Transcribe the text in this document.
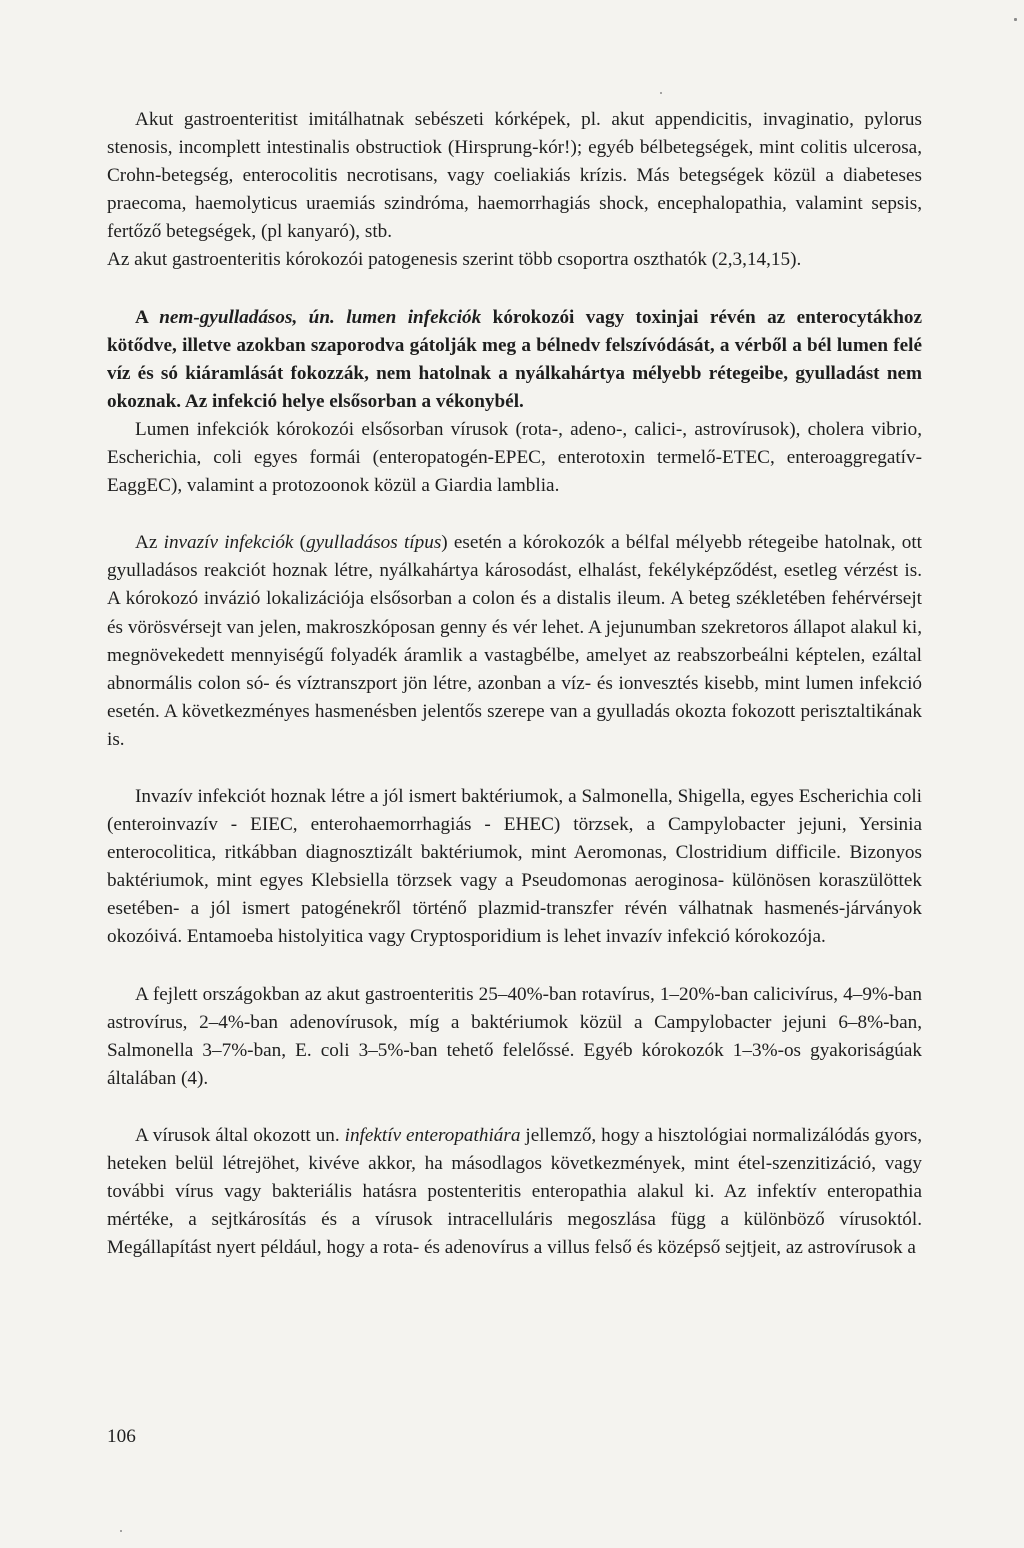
Akut gastroenteritist imitálhatnak sebészeti kórképek, pl. akut appendicitis, invaginatio, pylorus stenosis, incomplett intestinalis obstructiok (Hirsprung-kór!); egyéb bélbetegségek, mint colitis ulcerosa, Crohn-betegség, enterocolitis necrotisans, vagy coeliakiás krízis. Más betegségek közül a diabeteses praecoma, haemolyticus uraemiás szindróma, haemorrhagiás shock, encephalopathia, valamint sepsis, fertőző betegségek, (pl kanyaró), stb.

Az akut gastroenteritis kórokozói patogenesis szerint több csoportra oszthatók (2,3,14,15).

A nem-gyulladásos, ún. lumen infekciók kórokozói vagy toxinjai révén az enterocytákhoz kötődve, illetve azokban szaporodva gátolják meg a bélnedv felszívódását, a vérből a bél lumen felé víz és só kiáramlását fokozzák, nem hatolnak a nyálkahártya mélyebb rétegeibe, gyulladást nem okoznak. Az infekció helye elsősorban a vékonybél.

Lumen infekciók kórokozói elsősorban vírusok (rota-, adeno-, calici-, astrovírusok), cholera vibrio, Escherichia, coli egyes formái (enteropatogén-EPEC, enterotoxin termelő-ETEC, enteroaggregatív-EaggEC), valamint a protozoonok közül a Giardia lamblia.

Az invazív infekciók (gyulladásos típus) esetén a kórokozók a bélfal mélyebb rétegeibe hatolnak, ott gyulladásos reakciót hoznak létre, nyálkahártya károsodást, elhalást, fekélyképződést, esetleg vérzést is. A kórokozó invázió lokalizációja elsősorban a colon és a distalis ileum. A beteg székletében fehérvérsejt és vörösvérsejt van jelen, makroszkóposan genny és vér lehet. A jejunumban szekretoros állapot alakul ki, megnövekedett mennyiségű folyadék áramlik a vastagbélbe, amelyet az reabszorbeálni képtelen, ezáltal abnormális colon só- és víztranszport jön létre, azonban a víz- és ionvesztés kisebb, mint lumen infekció esetén. A következményes hasmenésben jelentős szerepe van a gyulladás okozta fokozott perisztaltikának is.

Invazív infekciót hoznak létre a jól ismert baktériumok, a Salmonella, Shigella, egyes Escherichia coli (enteroinvazív - EIEC, enterohaemorrhagiás - EHEC) törzsek, a Campylobacter jejuni, Yersinia enterocolitica, ritkábban diagnosztizált baktériumok, mint Aeromonas, Clostridium difficile. Bizonyos baktériumok, mint egyes Klebsiella törzsek vagy a Pseudomonas aeroginosa- különösen koraszülöttek esetében- a jól ismert patogénekről történő plazmid-transzfer révén válhatnak hasmenés-járványok okozóivá. Entamoeba histolyitica vagy Cryptosporidium is lehet invazív infekció kórokozója.

A fejlett országokban az akut gastroenteritis 25–40%-ban rotavírus, 1–20%-ban calicivírus, 4–9%-ban astrovírus, 2–4%-ban adenovírusok, míg a baktériumok közül a Campylobacter jejuni 6–8%-ban, Salmonella 3–7%-ban, E. coli 3–5%-ban tehető felelőssé. Egyéb kórokozók 1–3%-os gyakoriságúak általában (4).

A vírusok által okozott un. infektív enteropathiára jellemző, hogy a hisztológiai normalizálódás gyors, heteken belül létrejöhet, kivéve akkor, ha másodlagos következmények, mint étel-szenzitizáció, vagy további vírus vagy bakteriális hatásra postenteritis enteropathia alakul ki. Az infektív enteropathia mértéke, a sejtkárosítás és a vírusok intracelluláris megoszlása függ a különböző vírusoktól. Megállapítást nyert például, hogy a rota- és adenovírus a villus felső és középső sejtjeit, az astrovírusok a

106
